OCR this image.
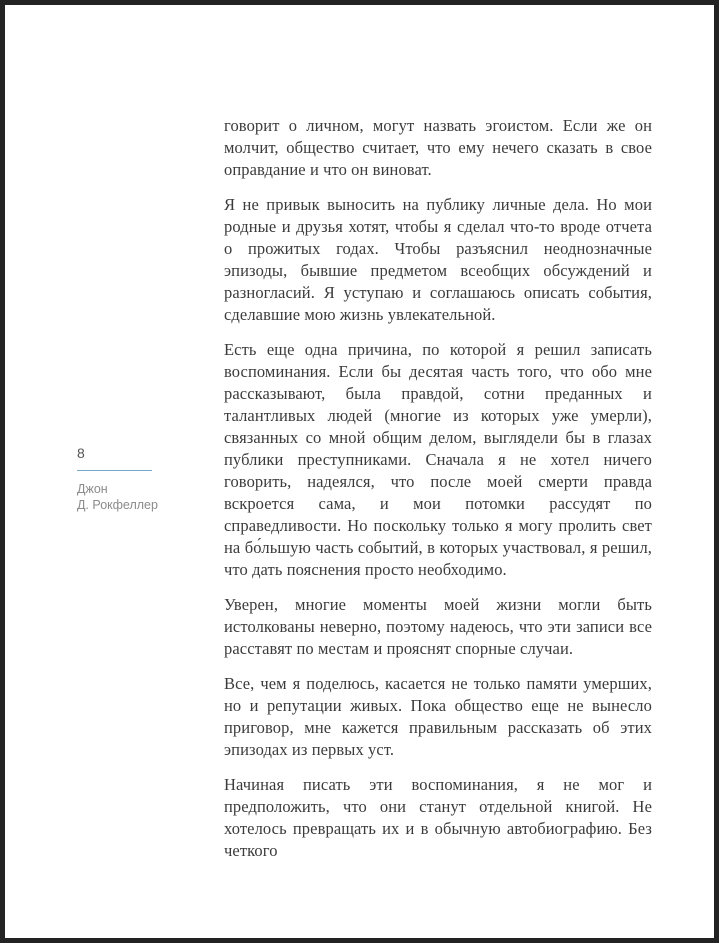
8

Джон

Д. Рокфеллер

говорит о личном, могут назвать эгоистом. Если же он молчит, общество считает, что ему нечего сказать в свое оправдание и что он виноват.

Я не привык выносить на публику личные дела. Но мои родные и друзья хотят, чтобы я сделал что-то вроде отчета о прожитых годах. Чтобы разъяснил неоднозначные эпизоды, бывшие предметом всеобщих обсуждений и разногласий. Я уступаю и соглашаюсь описать события, сделавшие мою жизнь увлекательной.

Есть еще одна причина, по которой я решил записать воспоминания. Если бы десятая часть того, что обо мне рассказывают, была правдой, сотни преданных и талантливых людей (многие из которых уже умерли), связанных со мной общим делом, выглядели бы в глазах публики преступниками. Сначала я не хотел ничего говорить, надеялся, что после моей смерти правда вскроется сама, и мои потомки рассудят по справедливости. Но поскольку только я могу пролить свет на бо́льшую часть событий, в которых участвовал, я решил, что дать пояснения просто необходимо.

Уверен, многие моменты моей жизни могли быть истолкованы неверно, поэтому надеюсь, что эти записи все расставят по местам и прояснят спорные случаи.

Все, чем я поделюсь, касается не только памяти умерших, но и репутации живых. Пока общество еще не вынесло приговор, мне кажется правильным рассказать об этих эпизодах из первых уст.

Начиная писать эти воспоминания, я не мог и предположить, что они станут отдельной книгой. Не хотелось превращать их и в обычную автобиографию. Без четкого
